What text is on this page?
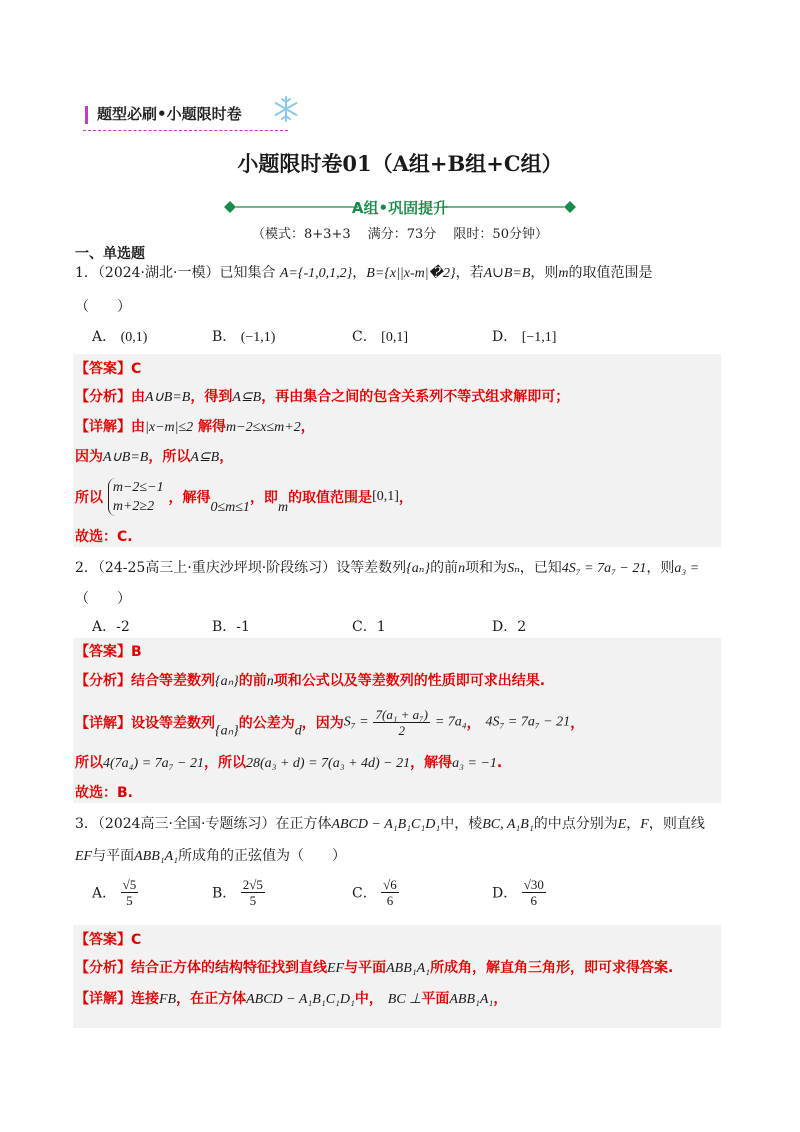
题型必刷•小题限时卷
小题限时卷01（A组+B组+C组）
A组•巩固提升
（模式：8+3+3　 满分：73分　 限时：50分钟）
一、单选题
1．（2024·湖北·一模）已知集合 A={-1,0,1,2}，B={x||x-m|�2}，若A∪B=B，则m的取值范围是
（　　）
A． (0,1)	B． (−1,1)	C． [0,1]	D． [−1,1]
【答案】C
【分析】由A∪B=B，得到A⊆B，再由集合之间的包含关系列不等式组求解即可；
【详解】由|x−m|≤2 解得m−2≤x≤m+2，
因为A∪B=B，所以A⊆B，
所以
m−2≤−1
m+2≥2
，解得0≤m≤1，即m的取值范围是[0,1]，
故选：C.
2．（24-25高三上·重庆沙坪坝·阶段练习）设等差数列{aₙ}的前n项和为Sₙ，已知4S₇ = 7a₇ − 21，则a₃ =
（　　）
A．-2	B．-1	C．1	D．2
【答案】B
【分析】结合等差数列{aₙ}的前n项和公式以及等差数列的性质即可求出结果.
【详解】设设等差数列{aₙ}的公差为d，因为$S_7 = \frac{\text{7(a₁ + a₇)}}{2} = 7a_4$， 4S₇ = 7a₇ − 21，
所以4(7a₄) = 7a₇ − 21，所以28(a₃ + d) = 7(a₃ + 4d) − 21，解得a₃ = −1.
故选：B.
3．（2024高三·全国·专题练习）在正方体ABCD − A₁B₁C₁D₁中，棱BC, A₁B₁的中点分别为E，F，则直线
EF与平面ABB₁A₁所成角的正弦值为（　　）
A． $\frac{√5}{5}$	B． $\frac{2√5}{5}$	C． $\frac{√6}{6}$	D． $\frac{√30}{6}$
【答案】C
【分析】结合正方体的结构特征找到直线EF与平面ABB₁A₁所成角，解直角三角形，即可求得答案.
【详解】连接FB，在正方体ABCD − A₁B₁C₁D₁中， BC ⊥平面ABB₁A₁，
